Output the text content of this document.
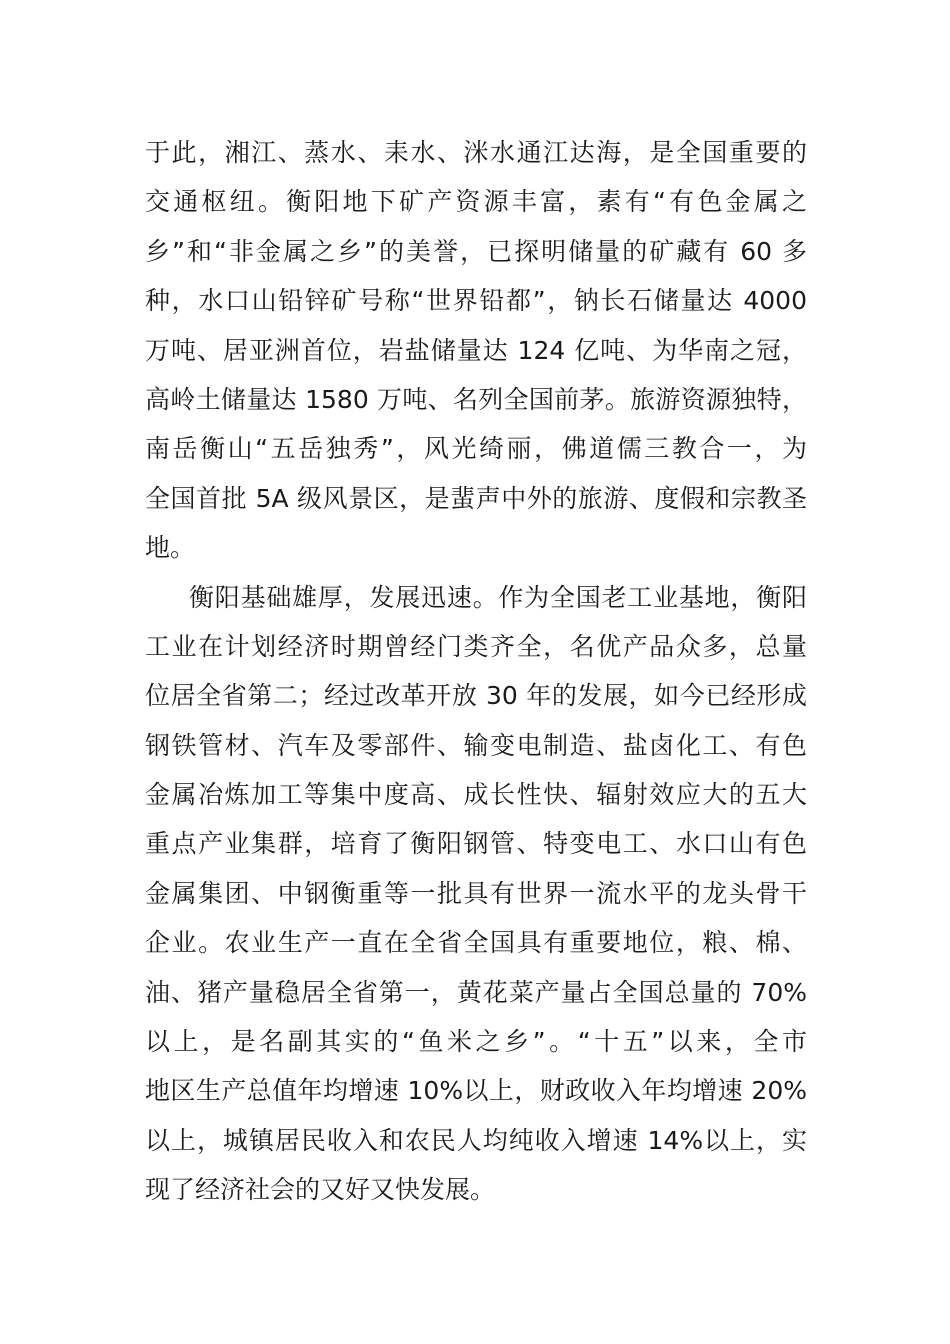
于此，湘江、蒸水、耒水、洣水通江达海，是全国重要的
交通枢纽。衡阳地下矿产资源丰富，素有“有色金属之
乡”和“非金属之乡”的美誉，已探明储量的矿藏有 60 多
种，水口山铅锌矿号称“世界铅都”，钠长石储量达 4000
万吨、居亚洲首位，岩盐储量达 124 亿吨、为华南之冠，
高岭土储量达 1580 万吨、名列全国前茅。旅游资源独特，
南岳衡山“五岳独秀”，风光绮丽，佛道儒三教合一，为
全国首批 5A 级风景区，是蜚声中外的旅游、度假和宗教圣
地。
衡阳基础雄厚，发展迅速。作为全国老工业基地，衡阳
工业在计划经济时期曾经门类齐全，名优产品众多，总量
位居全省第二；经过改革开放 30 年的发展，如今已经形成
钢铁管材、汽车及零部件、输变电制造、盐卤化工、有色
金属冶炼加工等集中度高、成长性快、辐射效应大的五大
重点产业集群，培育了衡阳钢管、特变电工、水口山有色
金属集团、中钢衡重等一批具有世界一流水平的龙头骨干
企业。农业生产一直在全省全国具有重要地位，粮、棉、
油、猪产量稳居全省第一，黄花菜产量占全国总量的 70%
以上，是名副其实的“鱼米之乡”。“十五”以来，全市
地区生产总值年均增速 10%以上，财政收入年均增速 20%
以上，城镇居民收入和农民人均纯收入增速 14%以上，实
现了经济社会的又好又快发展。
